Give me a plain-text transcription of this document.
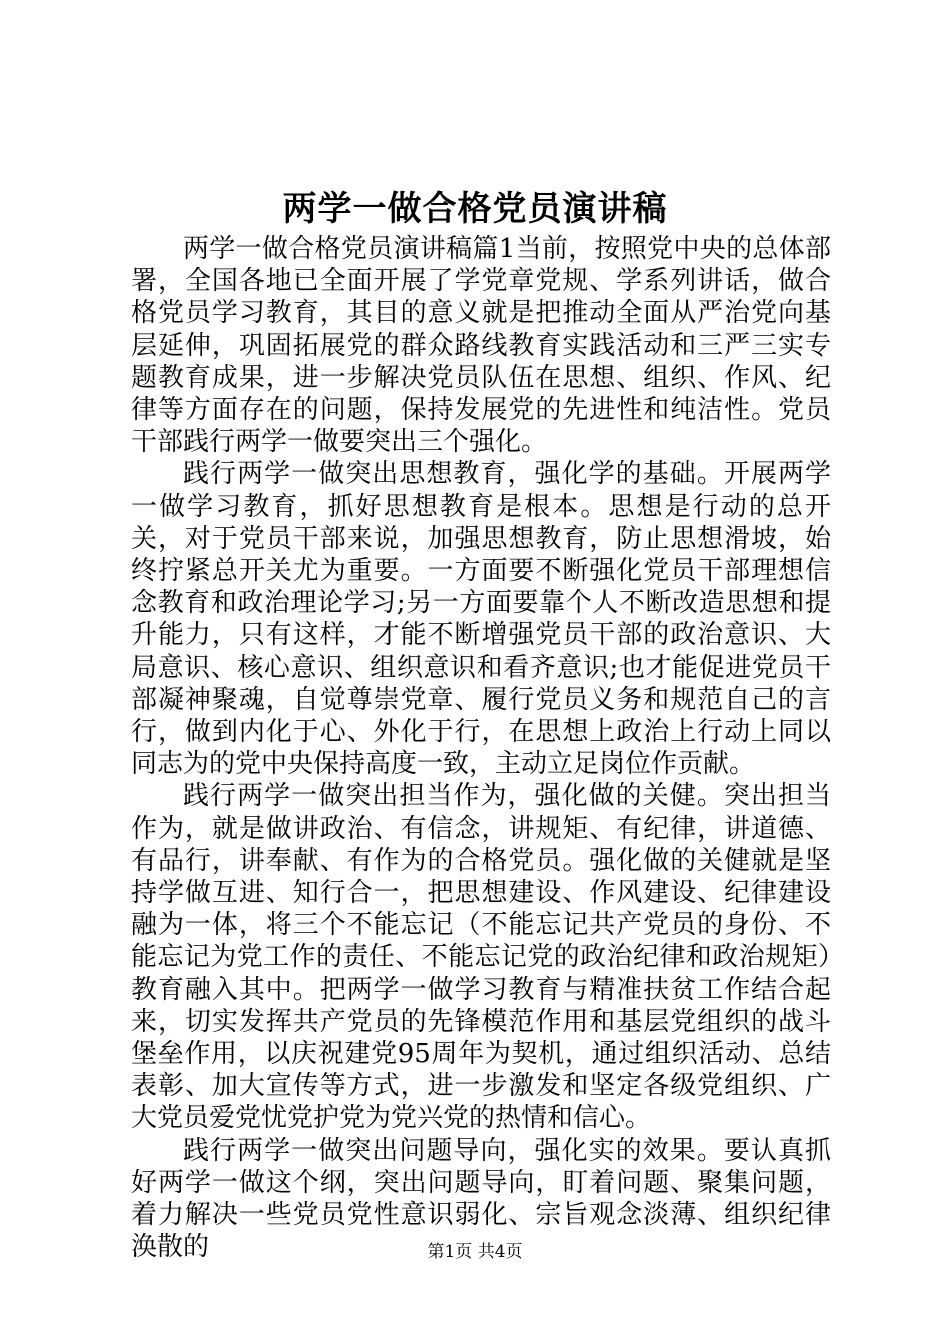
两学一做合格党员演讲稿

两学一做合格党员演讲稿篇1当前，按照党中央的总体部署，全国各地已全面开展了学党章党规、学系列讲话，做合格党员学习教育，其目的意义就是把推动全面从严治党向基层延伸，巩固拓展党的群众路线教育实践活动和三严三实专题教育成果，进一步解决党员队伍在思想、组织、作风、纪律等方面存在的问题，保持发展党的先进性和纯洁性。党员干部践行两学一做要突出三个强化。

践行两学一做突出思想教育，强化学的基础。开展两学一做学习教育，抓好思想教育是根本。思想是行动的总开关，对于党员干部来说，加强思想教育，防止思想滑坡，始终拧紧总开关尤为重要。一方面要不断强化党员干部理想信念教育和政治理论学习;另一方面要靠个人不断改造思想和提升能力，只有这样，才能不断增强党员干部的政治意识、大局意识、核心意识、组织意识和看齐意识;也才能促进党员干部凝神聚魂，自觉尊崇党章、履行党员义务和规范自己的言行，做到内化于心、外化于行，在思想上政治上行动上同以同志为的党中央保持高度一致，主动立足岗位作贡献。

践行两学一做突出担当作为，强化做的关健。突出担当作为，就是做讲政治、有信念，讲规矩、有纪律，讲道德、有品行，讲奉献、有作为的合格党员。强化做的关健就是坚持学做互进、知行合一，把思想建设、作风建设、纪律建设融为一体，将三个不能忘记（不能忘记共产党员的身份、不能忘记为党工作的责任、不能忘记党的政治纪律和政治规矩）教育融入其中。把两学一做学习教育与精准扶贫工作结合起来，切实发挥共产党员的先锋模范作用和基层党组织的战斗堡垒作用，以庆祝建党95周年为契机，通过组织活动、总结表彰、加大宣传等方式，进一步激发和坚定各级党组织、广大党员爱党忧党护党为党兴党的热情和信心。

践行两学一做突出问题导向，强化实的效果。要认真抓好两学一做这个纲，突出问题导向，盯着问题、聚集问题，着力解决一些党员党性意识弱化、宗旨观念淡薄、组织纪律涣散的	第1页 共4页
